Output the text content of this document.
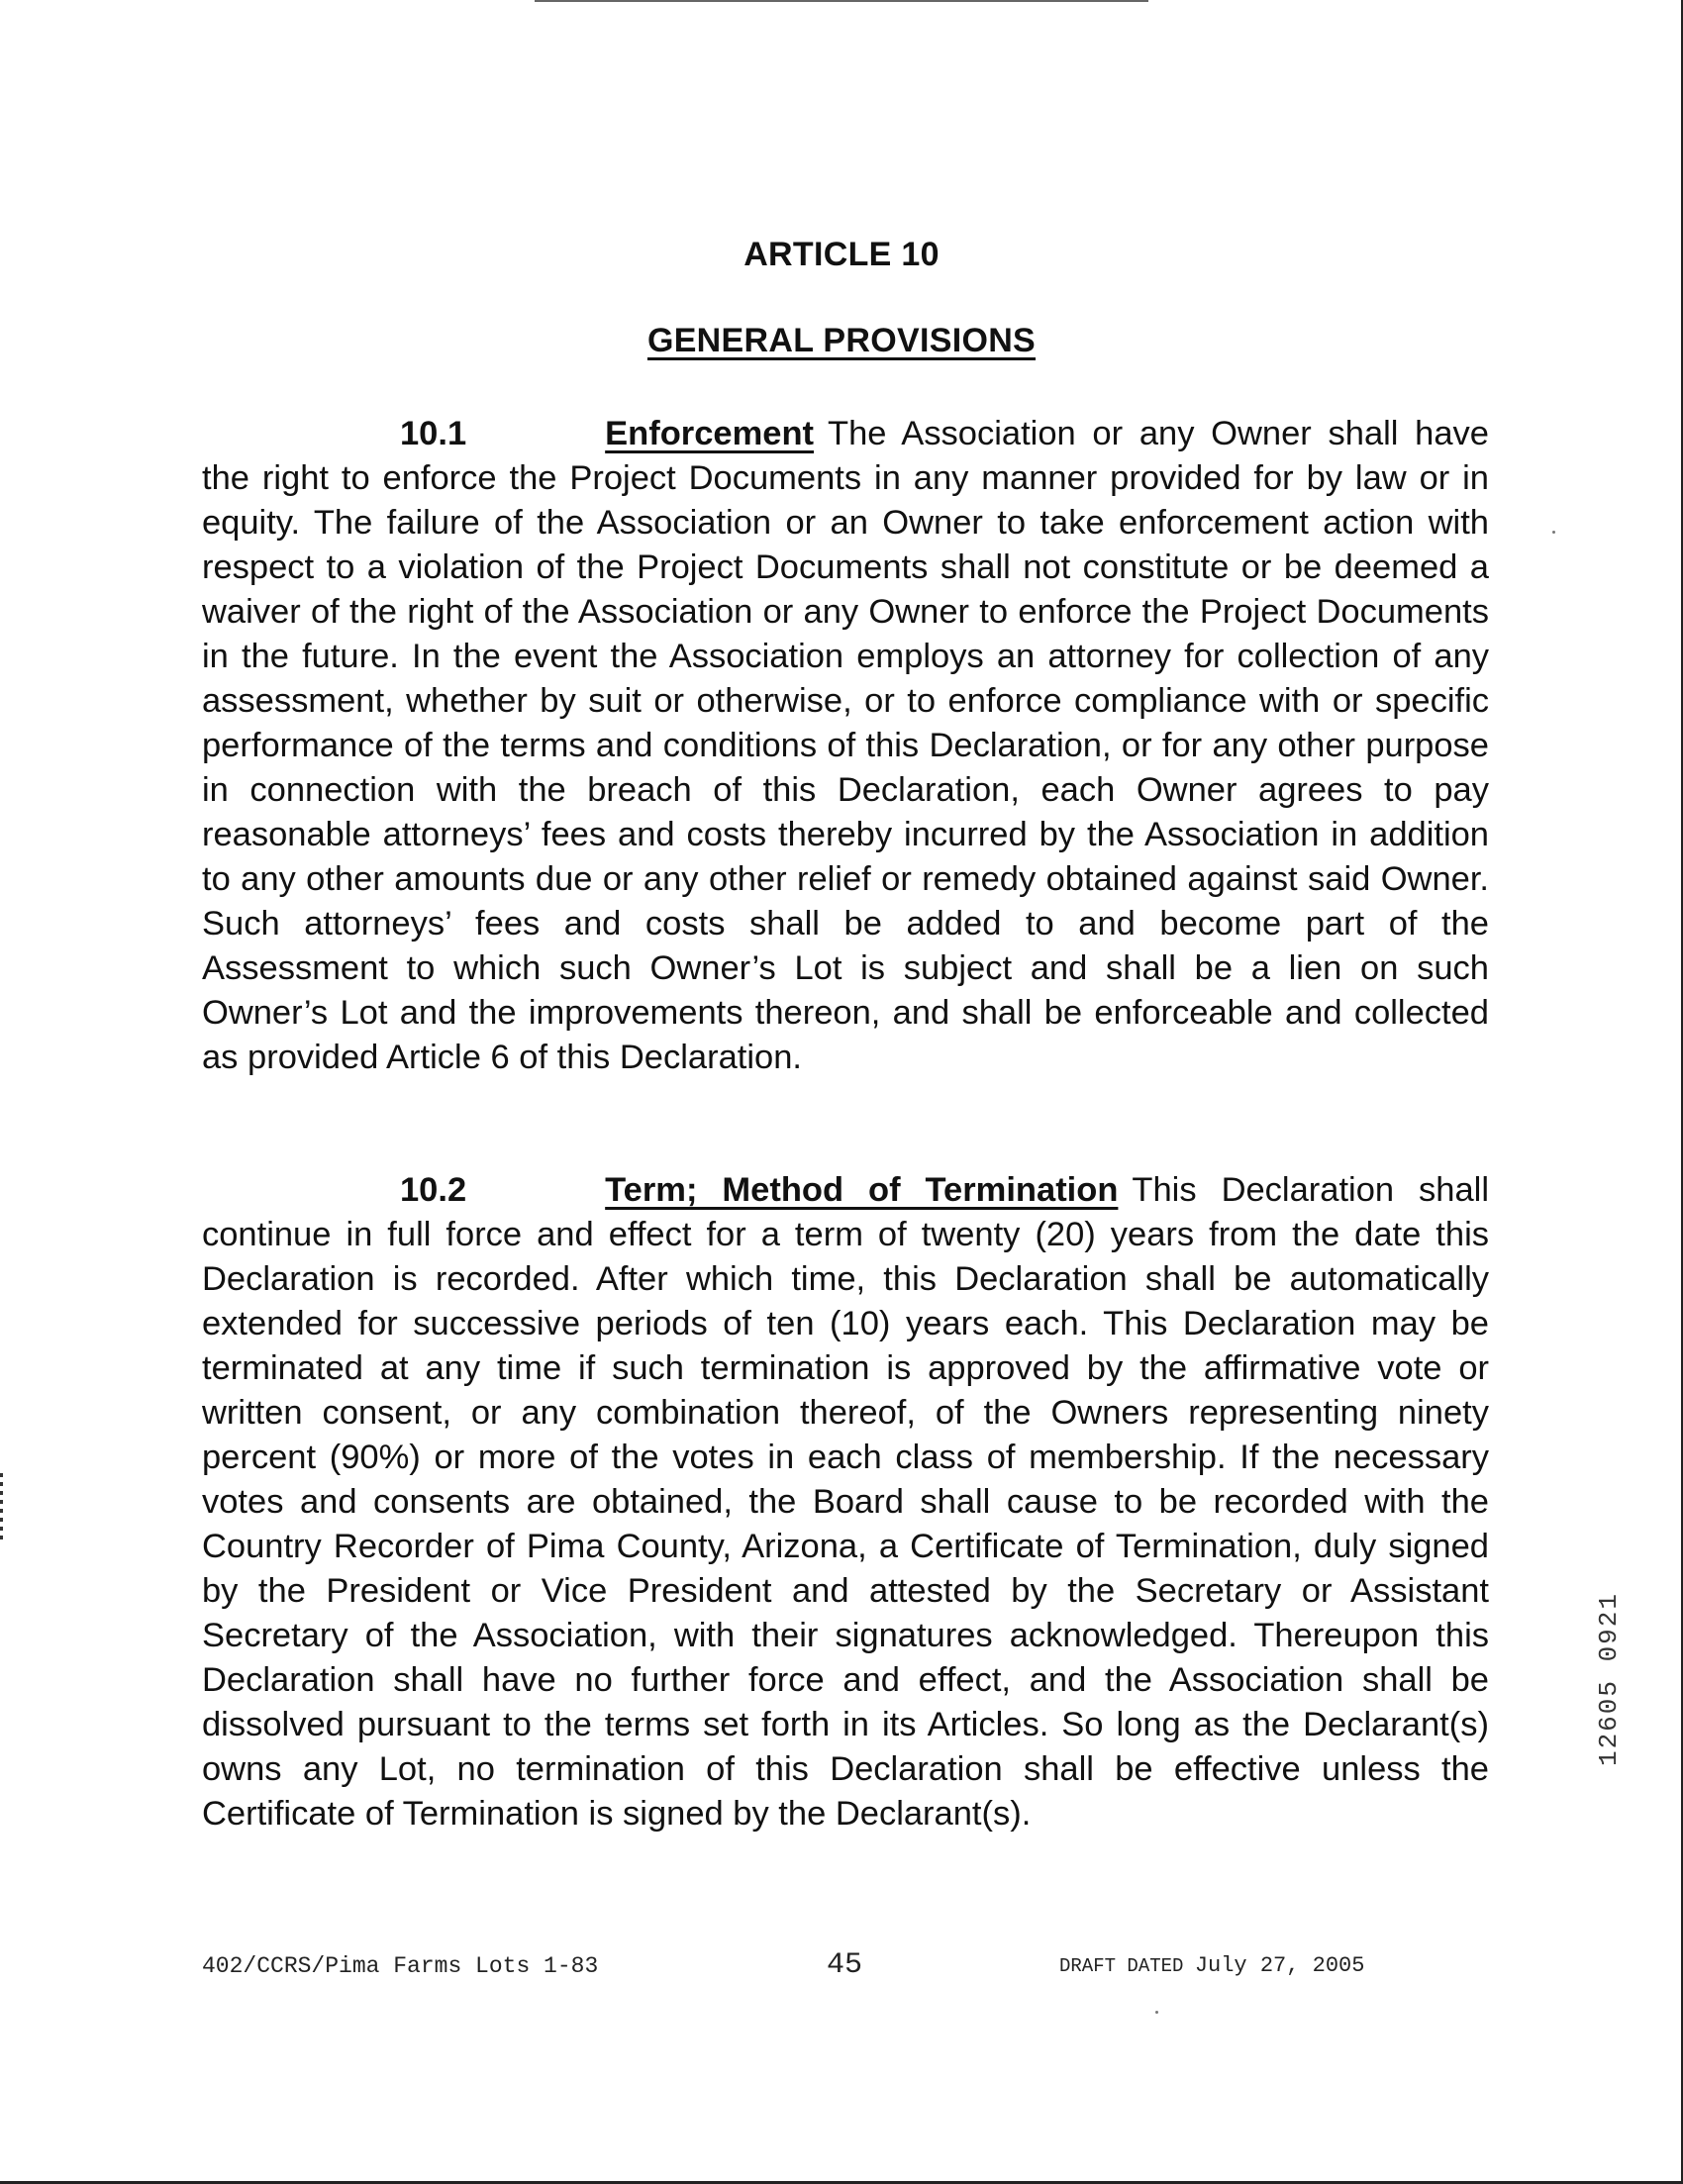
ARTICLE 10
GENERAL PROVISIONS

10.1	Enforcement The Association or any Owner shall have the right to enforce the Project Documents in any manner provided for by law or in equity. The failure of the Association or an Owner to take enforcement action with respect to a violation of the Project Documents shall not constitute or be deemed a waiver of the right of the Association or any Owner to enforce the Project Documents in the future. In the event the Association employs an attorney for collection of any assessment, whether by suit or otherwise, or to enforce compliance with or specific performance of the terms and conditions of this Declaration, or for any other purpose in connection with the breach of this Declaration, each Owner agrees to pay reasonable attorneys’ fees and costs thereby incurred by the Association in addition to any other amounts due or any other relief or remedy obtained against said Owner. Such attorneys’ fees and costs shall be added to and become part of the Assessment to which such Owner’s Lot is subject and shall be a lien on such Owner’s Lot and the improvements thereon, and shall be enforceable and collected as provided Article 6 of this Declaration.

10.2	Term; Method of Termination This Declaration shall continue in full force and effect for a term of twenty (20) years from the date this Declaration is recorded. After which time, this Declaration shall be automatically extended for successive periods of ten (10) years each. This Declaration may be terminated at any time if such termination is approved by the affirmative vote or written consent, or any combination thereof, of the Owners representing ninety percent (90%) or more of the votes in each class of membership. If the necessary votes and consents are obtained, the Board shall cause to be recorded with the Country Recorder of Pima County, Arizona, a Certificate of Termination, duly signed by the President or Vice President and attested by the Secretary or Assistant Secretary of the Association, with their signatures acknowledged. Thereupon this Declaration shall have no further force and effect, and the Association shall be dissolved pursuant to the terms set forth in its Articles. So long as the Declarant(s) owns any Lot, no termination of this Declaration shall be effective unless the Certificate of Termination is signed by the Declarant(s).

402/CCRS/Pima Farms Lots 1-83	45	DRAFT DATED July 27, 2005
12605 0921
